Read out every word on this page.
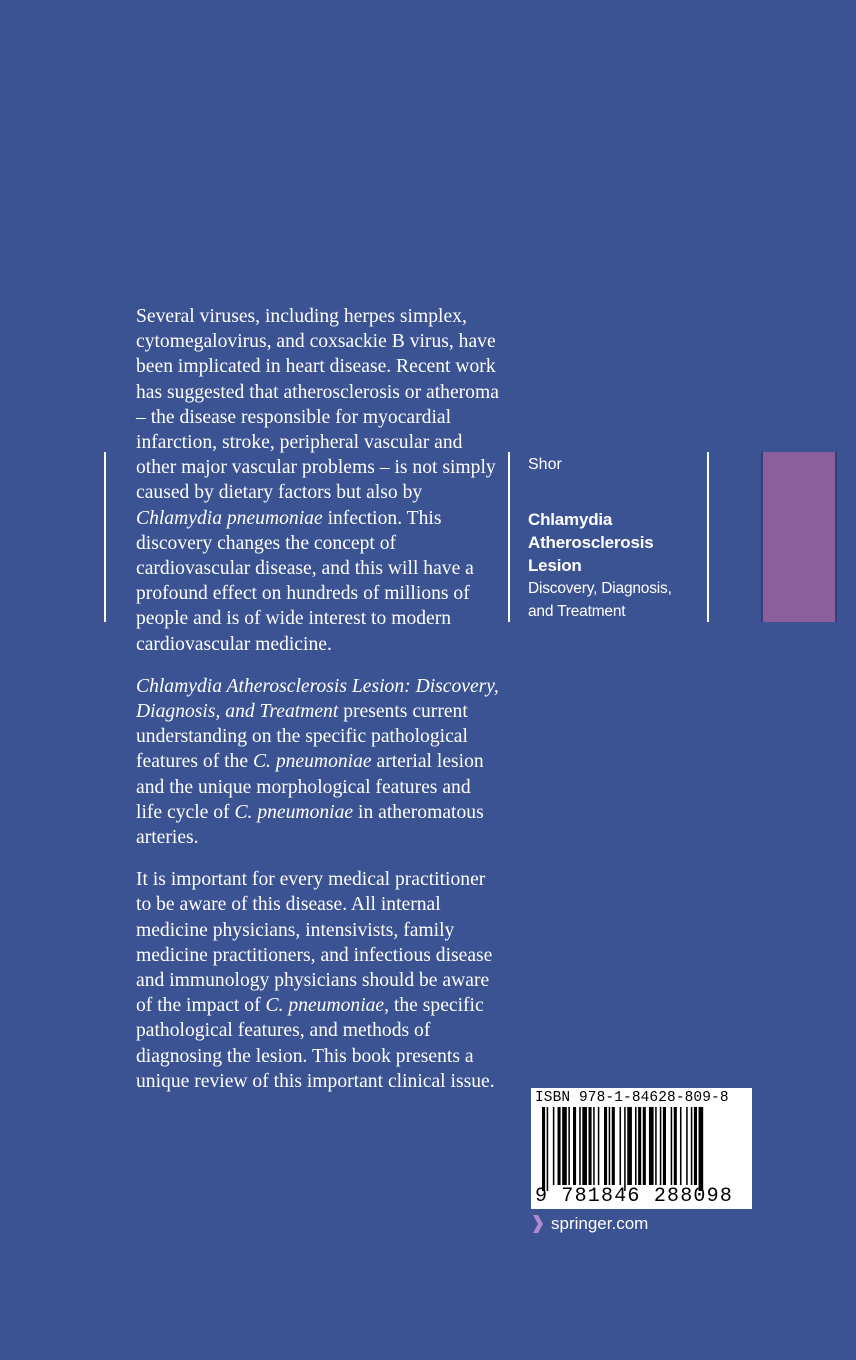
Several viruses, including herpes simplex, cytomegalovirus, and coxsackie B virus, have been implicated in heart disease. Recent work has suggested that atherosclerosis or atheroma – the disease responsible for myocardial infarction, stroke, peripheral vascular and other major vascular problems – is not simply caused by dietary factors but also by Chlamydia pneumoniae infection. This discovery changes the concept of cardiovascular disease, and this will have a profound effect on hundreds of millions of people and is of wide interest to modern cardiovascular medicine.

Chlamydia Atherosclerosis Lesion: Discovery, Diagnosis, and Treatment presents current understanding on the specific pathological features of the C. pneumoniae arterial lesion and the unique morphological features and life cycle of C. pneumoniae in atheromatous arteries.

It is important for every medical practitioner to be aware of this disease. All internal medicine physicians, intensivists, family medicine practitioners, and infectious disease and immunology physicians should be aware of the impact of C. pneumoniae, the specific pathological features, and methods of diagnosing the lesion. This book presents a unique review of this important clinical issue.

Shor
Chlamydia
Atherosclerosis
Lesion
Discovery, Diagnosis,
and Treatment
ISBN 978-1-84628-809-8
9 781846 288098
springer.com
